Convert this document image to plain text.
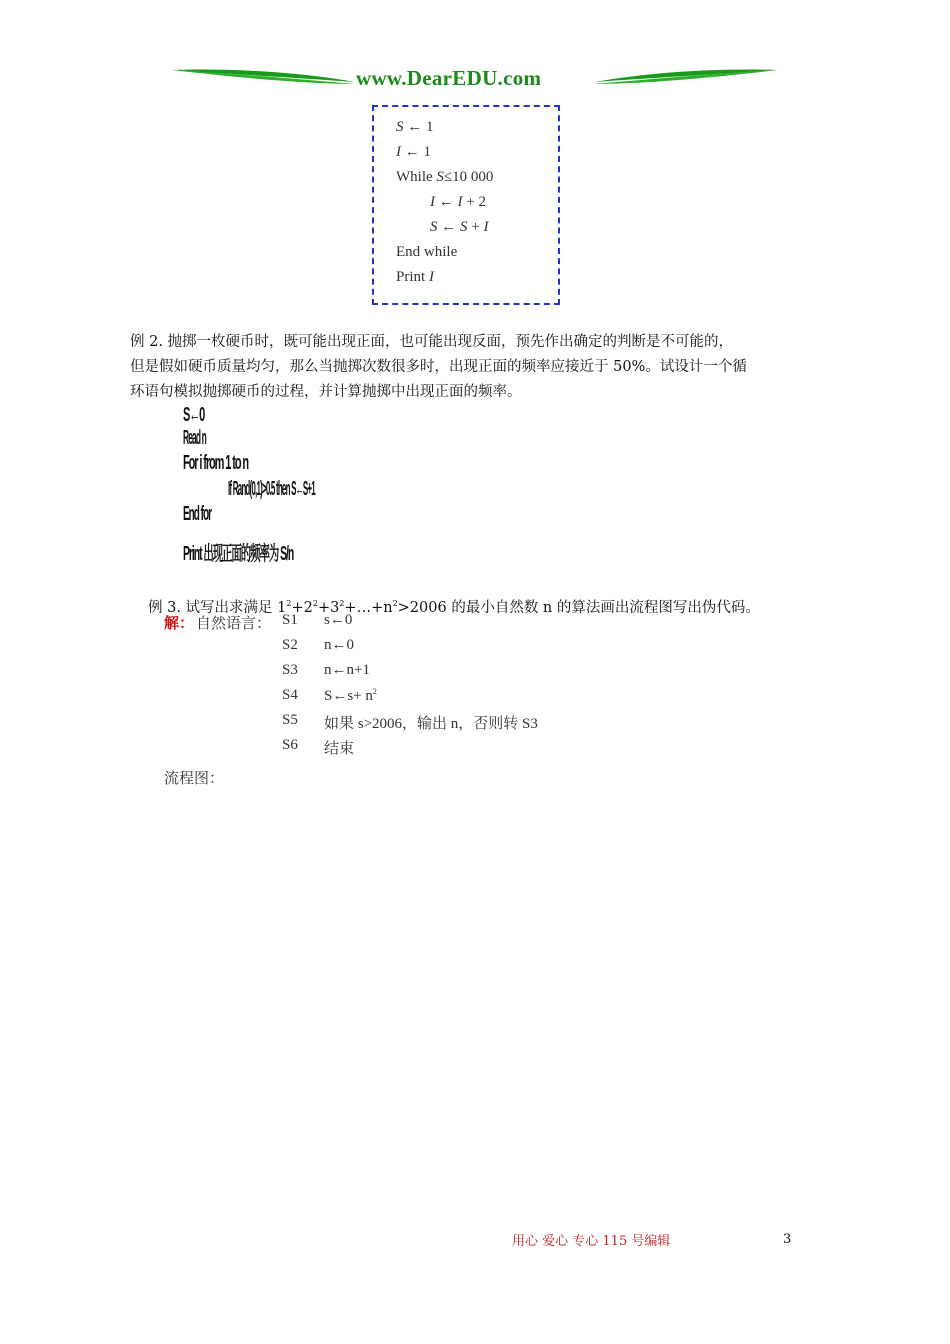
www.DearEDU.com
S ← 1
I ← 1
While S≤10 000
I ← I + 2
S ← S + I
End while
Print I
例 2. 抛掷一枚硬币时，既可能出现正面，也可能出现反面，预先作出确定的判断是不可能的，
但是假如硬币质量均匀，那么当抛掷次数很多时，出现正面的频率应接近于 50%。试设计一个循
环语句模拟抛掷硬币的过程，并计算抛掷中出现正面的频率。
S←0
Read n
For i from 1 to n
If Rand(0,1)>0.5 then S←S+1
End for
Print 出现正面的频率为 S/n
例 3. 试写出求满足 $1^2+2^2+3^2+\dots+n^2>2006$ 的最小自然数 n 的算法画出流程图写出伪代码。
解： 自然语言： S1 s←0
S2 n←0
S3 n←n+1
S4 S←s+ $n^2$
S5 如果 s>2006，输出 n，否则转 S3
S6 结束
流程图：
用心 爱心 专心 115 号编辑	3
